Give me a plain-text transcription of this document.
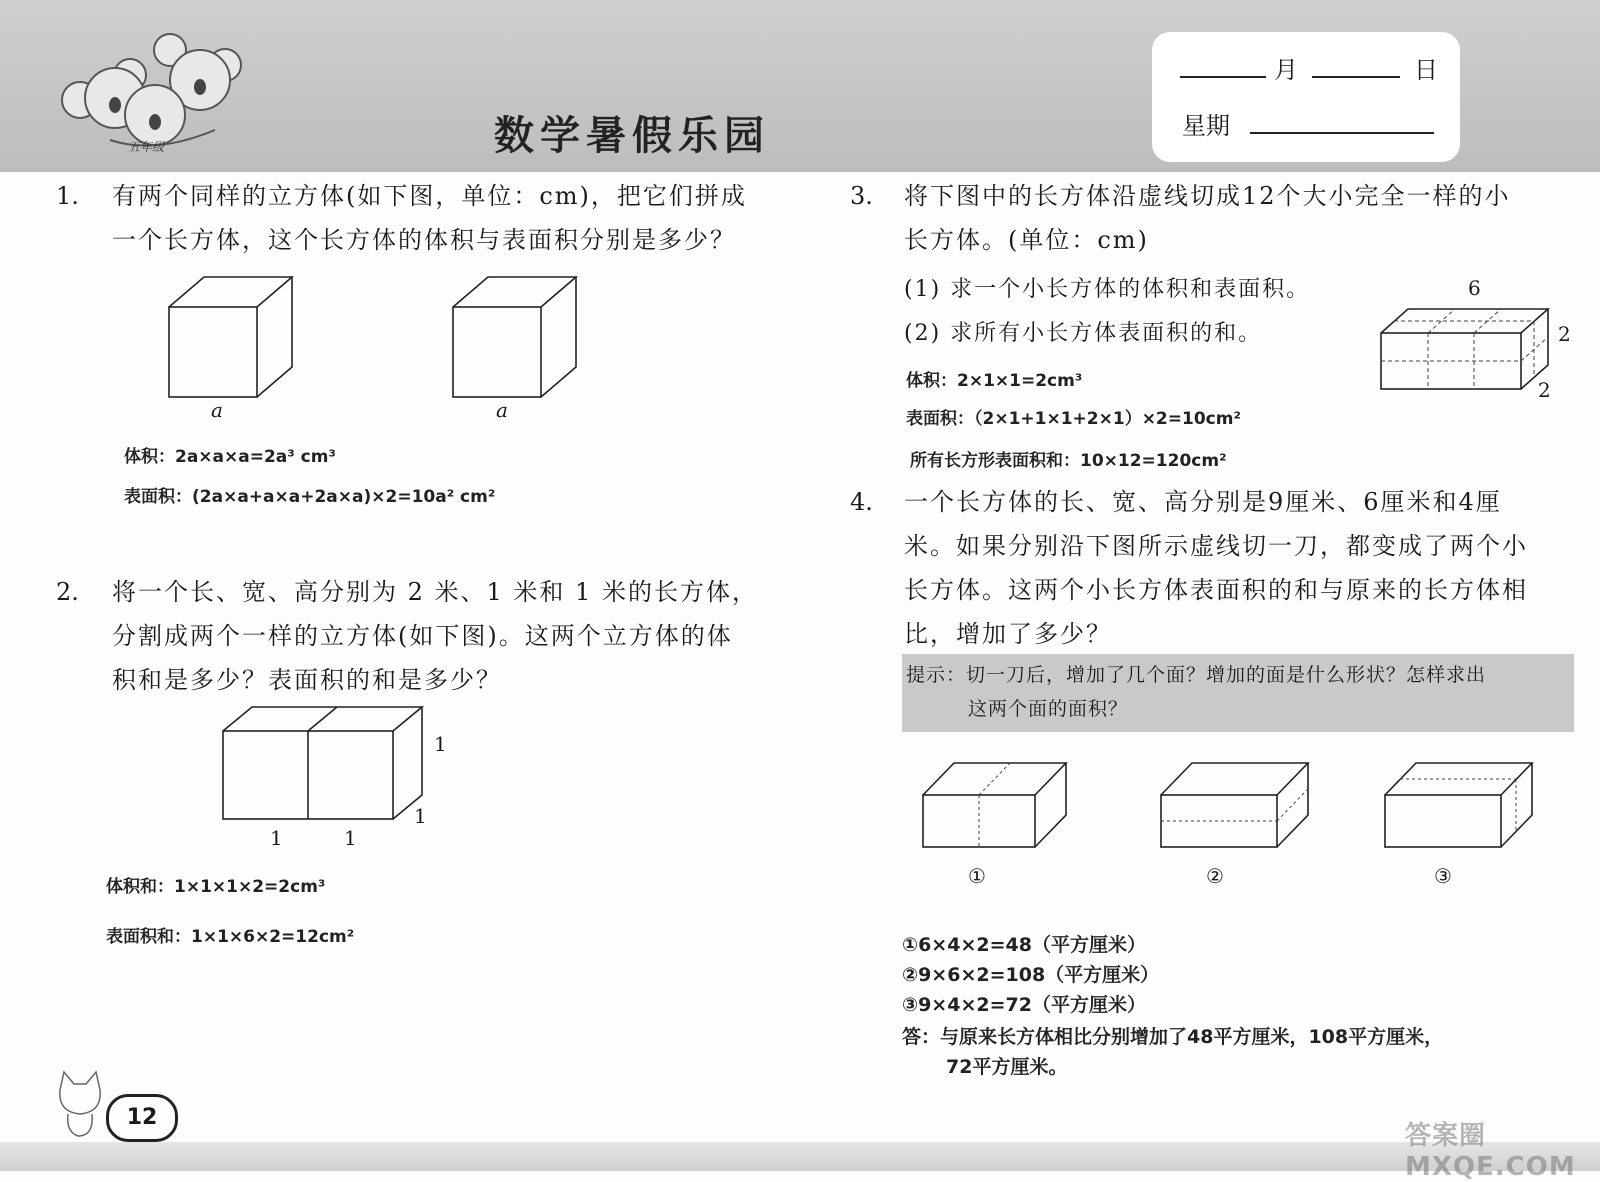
五年级	数学暑假乐园
月	日
星期
1. 有两个同样的立方体(如下图，单位：cm)，把它们拼成
一个长方体，这个长方体的体积与表面积分别是多少？
a	a
体积：2a×a×a=2a³ cm³
表面积：(2a×a+a×a+2a×a)×2=10a² cm²
2. 将一个长、宽、高分别为 2 米、1 米和 1 米的长方体，
分割成两个一样的立方体(如下图)。这两个立方体的体
积和是多少？表面积的和是多少？
1
1
1	1
体积和：1×1×1×2=2cm³
表面积和：1×1×6×2=12cm²
3. 将下图中的长方体沿虚线切成12个大小完全一样的小
长方体。(单位：cm)
(1) 求一个小长方体的体积和表面积。
(2) 求所有小长方体表面积的和。
6
2
2
体积：2×1×1=2cm³
表面积：（2×1+1×1+2×1）×2=10cm²
所有长方形表面积和：10×12=120cm²
4. 一个长方体的长、宽、高分别是9厘米、6厘米和4厘
米。如果分别沿下图所示虚线切一刀，都变成了两个小
长方体。这两个小长方体表面积的和与原来的长方体相
比，增加了多少？
提示：切一刀后，增加了几个面？增加的面是什么形状？怎样求出
这两个面的面积？
①	②	③
①6×4×2=48（平方厘米）
②9×6×2=108（平方厘米）
③9×4×2=72（平方厘米）
答：与原来长方体相比分别增加了48平方厘米，108平方厘米，
72平方厘米。
12
答案圈 MXQE.COM
